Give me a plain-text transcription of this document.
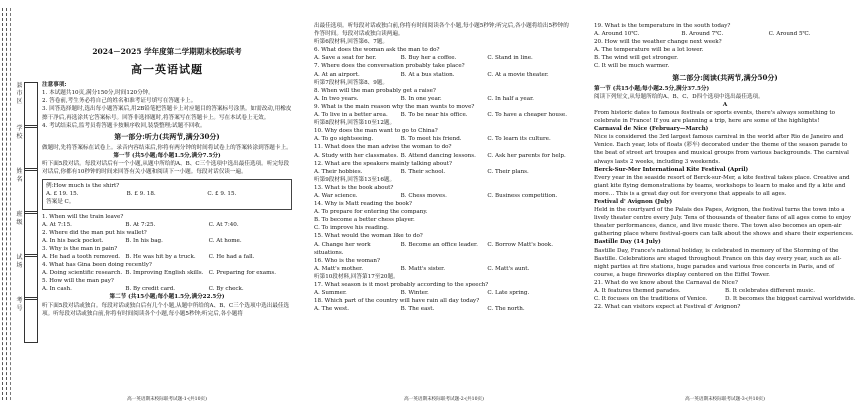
县市区
学校
姓名
班级
试场
考号
2024－2025 学年度第二学期期末校际联考
高一英语试题

注意事项:

1. 本试题共10页,满分150分,时间120分钟。

2. 答卷前,考生务必将自己的姓名和准考证号填写在答题卡上。

3. 回答选择题时,选出每小题答案后,用2B铅笔把答题卡上对应题目的答案标号涂黑。如需改动,用橡皮擦干净后,再选涂其它答案标号。回答非选择题时,将答案写在答题卡上。写在本试卷上无效。

4. 考试结束后,监考员将答题卡按顺序收回,装袋整理;试题不回收。

第一部分:听力(共两节,满分30分)

做题时,先将答案标在试卷上。录音内容结束后,你将有两分钟的时间将试卷上的答案转涂到答题卡上。

第一节 (共5小题;每小题1.5分,满分7.5分)

听下面5段对话。每段对话后有一个小题,从题中所给的A、B、C三个选项中选出最佳选项。听完每段对话后,你都有10秒钟的时间来回答有关小题和阅读下一小题。每段对话仅读一遍。

例:How much is the shirt?
A. £ 19. 15.	B. £ 9. 18.	C. £ 9. 15.
答案是 C。
1. When will the train leave?
A. At 7:15.	B. At 7:25.	C. At 7:40.
2. Where did the man put his wallet?
A. In his back pocket.	B. In his bag.	C. At home.
3. Why is the man in pain?
A. He had a tooth removed. B. He was hit by a truck.	C. He had a fall.
4. What has Gina been doing recently?
A. Doing scientific research. B. Improving English skills. C. Preparing for exams.
5. How will the man pay?
A. In cash.	B. By credit card.	C. By check.

第二节 (共15小题;每小题1.5分,满分22.5分)

听下面5段对话或独白。每段对话或独白后有几个小题,从题中所给的A、B、C三个选项中选出最佳选项。听每段对话或独白前,你将有时间阅读各个小题,每小题5秒钟;听完后,各小题将

出最佳选项。听每段对话或独白前,你将有时间阅读各个小题,每小题5秒钟;听完后,各小题将给出5秒钟的作答时间。每段对话或独白读两遍。

听第6段材料,回答第6、7题。
6. What does the woman ask the man to do?
A. Save a seat for her.	B. Buy her a coffee.	C. Stand in line.
7. Where does the conversation probably take place?
A. At an airport.	B. At a bus station.	C. At a movie theater.
听第7段材料,回答第8、9题。
8. When will the man probably get a raise?
A. In two years.	B. In one year.	C. In half a year.
9. What is the main reason why the man wants to move?
A. To live in a better area.	B. To be near his office.	C. To have a cheaper house.
听第8段材料,回答第10至12题。
10. Why does the man want to go to China?
A. To go sightseeing.	B. To meet his friend.	C. To learn its culture.
11. What does the man advise the woman to do?
A. Study with her classmates. B. Attend dancing lessons.	C. Ask her parents for help.
12. What are the speakers mainly talking about?
A. Their hobbies.	B. Their school.	C. Their plans.
听第9段材料,回答第13至16题。
13. What is the book about?
A. War science.	B. Chess moves.	C. Business competition.
14. Why is Matt reading the book?
A. To prepare for entering the company.
B. To become a better chess player.
C. To improve his reading.
15. What would the woman like to do?
A. Change her work situations.
B. Become an office leader.	C. Borrow Matt's book.
16. Who is the woman?
A. Matt's mother.	B. Matt's sister.	C. Matt's aunt.
听第10段材料,回答第17至20题。
17. What season is it most probably according to the speech?
A. Summer.	B. Winter.	C. Late spring.
18. Which part of the country will have rain all day today?
A. The west.	B. The east.	C. The north.
19. What is the temperature in the south today?
A. Around 10℃.	B. Around 7℃.	C. Around 5℃.
20. How will the weather change next week?
A. The temperature will be a lot lower.
B. The wind will get stronger.
C. It will be much warmer.
第二部分:阅读(共两节,满分50分)

第一节 (共15小题;每小题2.5分,满分37.5分)

阅读下列短文,从每题所给的A、B、C、D四个选项中选出最佳选项。

A

From historic dates to famous festivals or sports events, there's always something to celebrate in France! If you are planning a trip, here are some of the highlights!

Carnaval de Nice (February—March)

Nice is considered the 3rd largest famous carnival in the world after Rio de Janeiro and Venice. Each year, lots of floats (彩车) decorated under the theme of the season parade to the beat of street art troupes and musical groups from various backgrounds. The carnival always lasts 2 weeks, including 3 weekends.

Berck-Sur-Mer International Kite Festival (April)

Every year in the seaside resort of Berck-sur-Mer, a kite festival takes place. Creative and giant kite flying demonstrations by teams, workshops to learn to make and fly a kite and more… This is a great day out for everyone that appeals to all ages.

Festival d' Avignon (July)

Held in the courtyard of the Palais des Papes, Avignon, the festival turns the town into a lively theater centre every July. Tens of thousands of theater fans of all ages come to enjoy theater performances, dance, and live music there. The town also becomes an open-air gathering place where festival-goers can talk about the shows and share their experiences.

Bastille Day (14 July)

Bastille Day, France's national holiday, is celebrated in memory of the Storming of the Bastille. Celebrations are staged throughout France on this day every year, such as all-night parties at fire stations, huge parades and various free concerts in Paris, and of course, a huge fireworks display centered on the Eiffel Tower.

21. What do we know about the Carnaval de Nice?
A. It features themed parades.	B. It celebrates different music.
C. It focuses on the traditions of Venice.	D. It becomes the biggest carnival worldwide.
22. What can visitors expect at Festival d' Avignon?
高一英语期末校际联考试题-1-(共10页)	高一英语期末校际联考试题-2-(共10页)	高一英语期末校际联考试题-3-(共10页)
